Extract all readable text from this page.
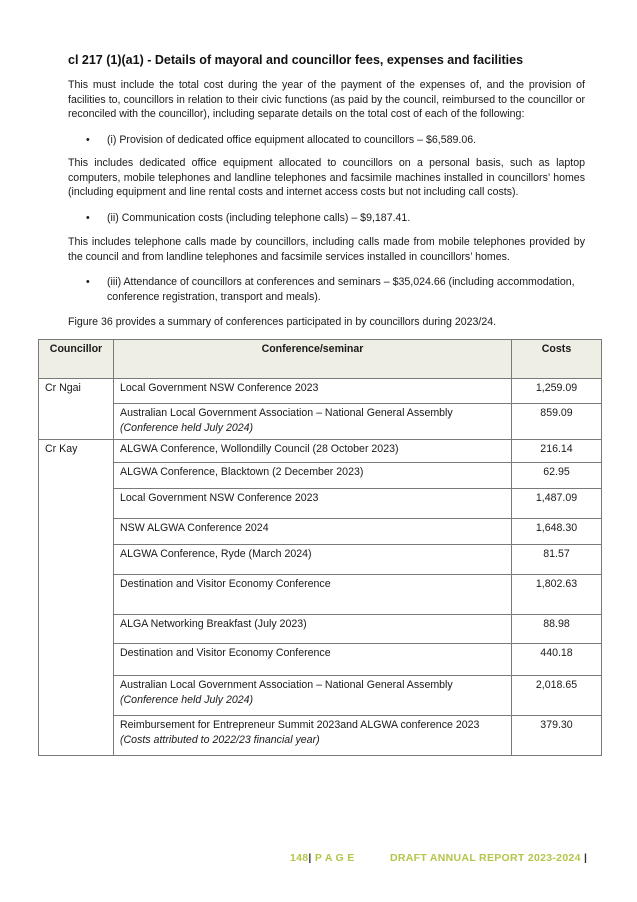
cl 217 (1)(a1) - Details of mayoral and councillor fees, expenses and facilities

This must include the total cost during the year of the payment of the expenses of, and the provision of facilities to, councillors in relation to their civic functions (as paid by the council, reimbursed to the councillor or reconciled with the councillor), including separate details on the total cost of each of the following:

•	(i) Provision of dedicated office equipment allocated to councillors – $6,589.06.

This includes dedicated office equipment allocated to councillors on a personal basis, such as laptop computers, mobile telephones and landline telephones and facsimile machines installed in councillors’ homes (including equipment and line rental costs and internet access costs but not including call costs).

•	(ii) Communication costs (including telephone calls) – $9,187.41.

This includes telephone calls made by councillors, including calls made from mobile telephones provided by the council and from landline telephones and facsimile services installed in councillors’ homes.

•	(iii) Attendance of councillors at conferences and seminars – $35,024.66 (including accommodation, conference registration, transport and meals).

Figure 36 provides a summary of conferences participated in by councillors during 2023/24.

Councillor	Conference/seminar	Costs
Cr Ngai	Local Government NSW Conference 2023	1,259.09
	Australian Local Government Association – National General Assembly
(Conference held July 2024)	859.09
Cr Kay	ALGWA Conference, Wollondilly Council (28 October 2023)	216.14
	ALGWA Conference, Blacktown (2 December 2023)	62.95
	Local Government NSW Conference 2023	1,487.09
	NSW ALGWA Conference 2024	1,648.30
	ALGWA Conference, Ryde (March 2024)	81.57
	Destination and Visitor Economy Conference	1,802.63
	ALGA Networking Breakfast (July 2023)	88.98
	Destination and Visitor Economy Conference	440.18
	Australian Local Government Association – National General Assembly
(Conference held July 2024)	2,018.65
	Reimbursement for Entrepreneur Summit 2023and ALGWA conference 2023
(Costs attributed to 2022/23 financial year)	379.30
148| P A G E	DRAFT ANNUAL REPORT 2023-2024 |
